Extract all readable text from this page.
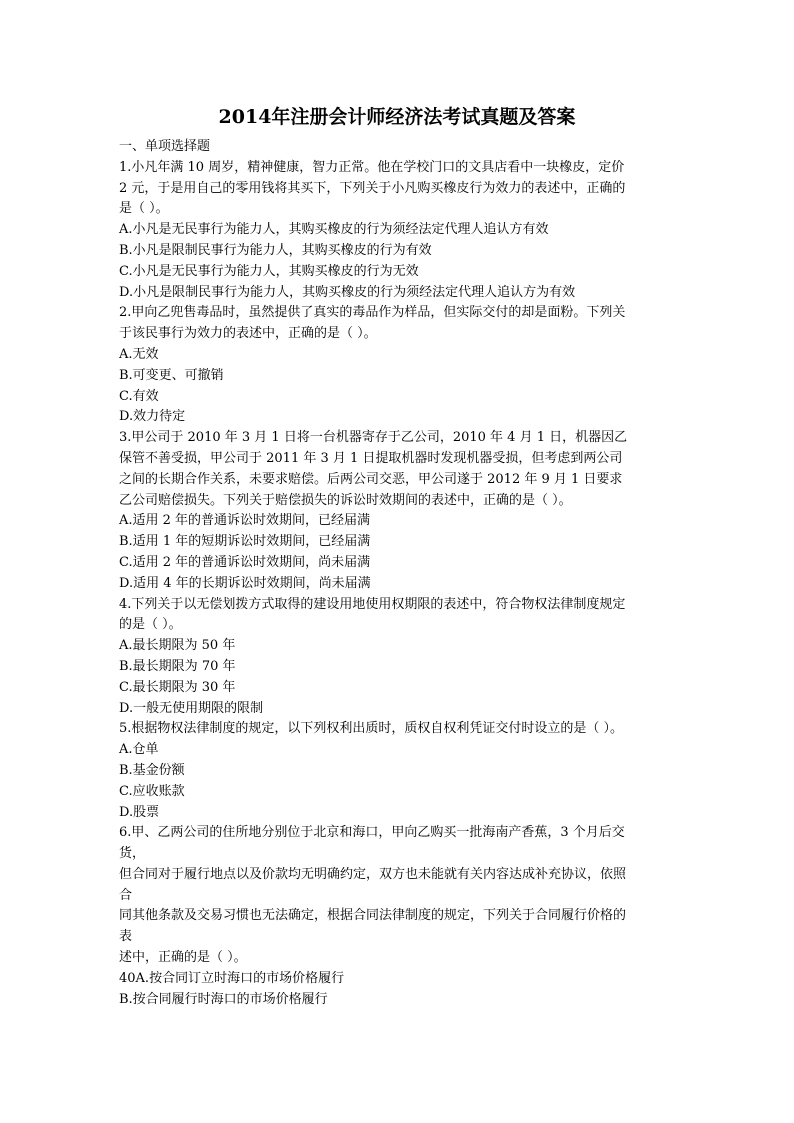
2014年注册会计师经济法考试真题及答案
一、单项选择题
1.小凡年满 10 周岁，精神健康，智力正常。他在学校门口的文具店看中一块橡皮，定价
2 元，于是用自己的零用钱将其买下，下列关于小凡购买橡皮行为效力的表述中，正确的
是（ ）。
A.小凡是无民事行为能力人，其购买橡皮的行为须经法定代理人追认方有效
B.小凡是限制民事行为能力人，其购买橡皮的行为有效
C.小凡是无民事行为能力人，其购买橡皮的行为无效
D.小凡是限制民事行为能力人，其购买橡皮的行为须经法定代理人追认方为有效
2.甲向乙兜售毒品时，虽然提供了真实的毒品作为样品，但实际交付的却是面粉。下列关
于该民事行为效力的表述中，正确的是（ ）。
A.无效
B.可变更、可撤销
C.有效
D.效力待定
3.甲公司于 2010 年 3 月 1 日将一台机器寄存于乙公司，2010 年 4 月 1 日，机器因乙
保管不善受损，甲公司于 2011 年 3 月 1 日提取机器时发现机器受损，但考虑到两公司
之间的长期合作关系，未要求赔偿。后两公司交恶，甲公司遂于 2012 年 9 月 1 日要求
乙公司赔偿损失。下列关于赔偿损失的诉讼时效期间的表述中，正确的是（ ）。
A.适用 2 年的普通诉讼时效期间，已经届满
B.适用 1 年的短期诉讼时效期间，已经届满
C.适用 2 年的普通诉讼时效期间，尚未届满
D.适用 4 年的长期诉讼时效期间，尚未届满
4.下列关于以无偿划拨方式取得的建设用地使用权期限的表述中，符合物权法律制度规定
的是（ ）。
A.最长期限为 50 年
B.最长期限为 70 年
C.最长期限为 30 年
D.一般无使用期限的限制
5.根据物权法律制度的规定，以下列权利出质时，质权自权利凭证交付时设立的是（ ）。
A.仓单
B.基金份额
C.应收账款
D.股票
6.甲、乙两公司的住所地分别位于北京和海口，甲向乙购买一批海南产香蕉，3 个月后交
货，
但合同对于履行地点以及价款均无明确约定，双方也未能就有关内容达成补充协议，依照
合
同其他条款及交易习惯也无法确定，根据合同法律制度的规定，下列关于合同履行价格的
表
述中，正确的是（ ）。
40A.按合同订立时海口的市场价格履行
B.按合同履行时海口的市场价格履行
